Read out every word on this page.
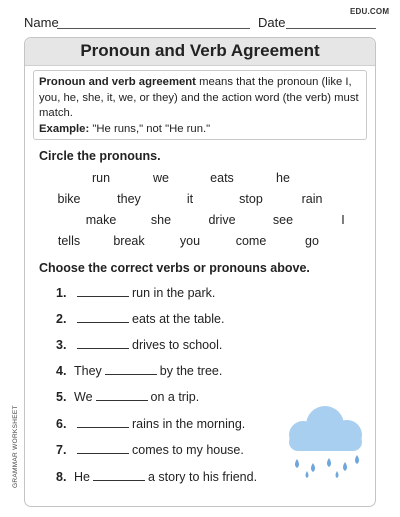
Name	Date
EDU.COM
Pronoun and Verb Agreement
Pronoun and verb agreement means that the pronoun (like I, you, he, she, it, we, or they) and the action word (the verb) must match.
Example: "He runs," not "He run."
Circle the pronouns.
run	we	eats	he
bike	they	it	stop	rain
make	she	drive	see	I
tells	break	you	come	go
Choose the correct verbs or pronouns above.
1.	run in the park.
2.	eats at the table.
3.	drives to school.
4. They	by the tree.
5. We	on a trip.
6.	rains in the morning.
7.	comes to my house.
8. He	a story to his friend.
GRAMMAR WORKSHEET
